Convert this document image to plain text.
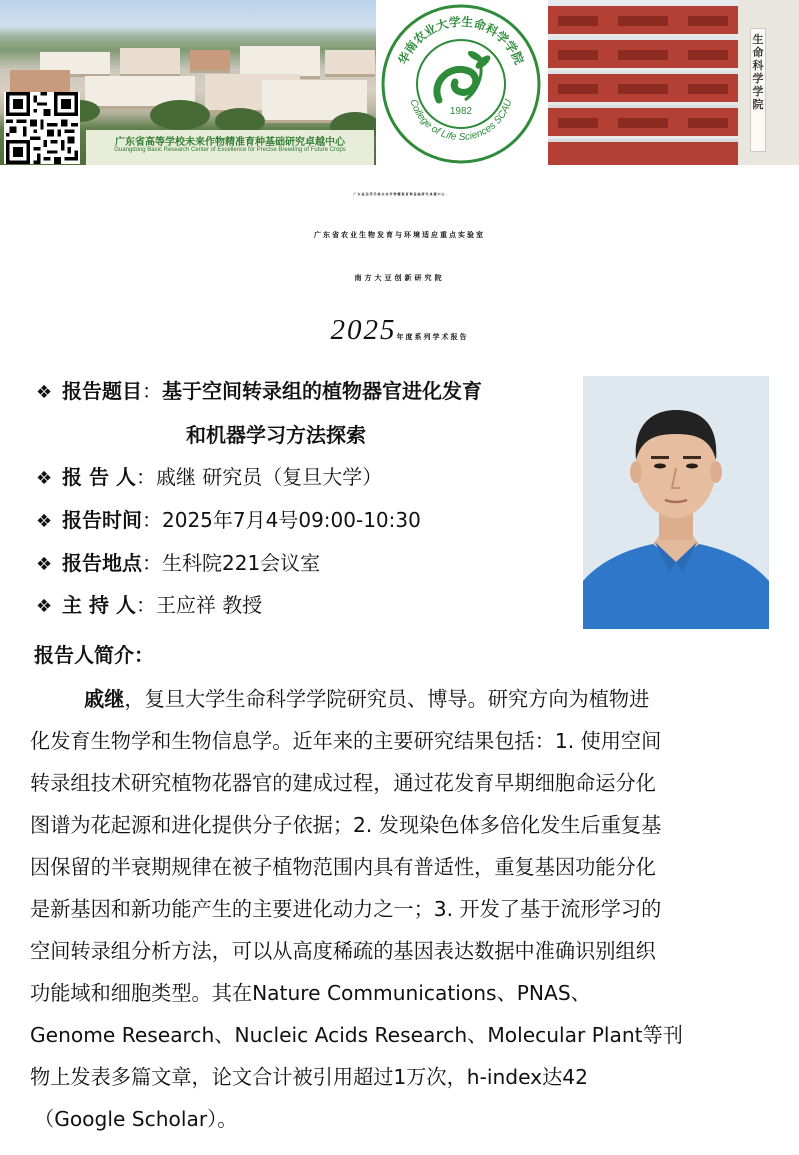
广东省高等学校未来作物精准育种基础研究卓越中心
Guangdong Basic Research Center of Excellence for Precise Breeding of Future Crops
华南农业大学生命科学学院
College of Life Sciences SCAU
1982
生
命
科
学
学
院
广东省高等学校未来作物精准育种基础研究卓越中心
广东省农业生物发育与环境适应重点实验室
南方大豆创新研究院
2025年度系列学术报告
❖ 报告题目：基于空间转录组的植物器官进化发育
和机器学习方法探索
❖ 报 告 人：戚继 研究员（复旦大学）
❖ 报告时间：2025年7月4号09:00-10:30
❖ 报告地点：生科院221会议室
❖ 主 持 人：王应祥 教授
报告人简介：
戚继，复旦大学生命科学学院研究员、博导。研究方向为植物进
化发育生物学和生物信息学。近年来的主要研究结果包括：1. 使用空间
转录组技术研究植物花器官的建成过程，通过花发育早期细胞命运分化
图谱为花起源和进化提供分子依据；2. 发现染色体多倍化发生后重复基
因保留的半衰期规律在被子植物范围内具有普适性，重复基因功能分化
是新基因和新功能产生的主要进化动力之一；3. 开发了基于流形学习的
空间转录组分析方法，可以从高度稀疏的基因表达数据中准确识别组织
功能域和细胞类型。其在Nature Communications、PNAS、
Genome Research、Nucleic Acids Research、Molecular Plant等刊
物上发表多篇文章，论文合计被引用超过1万次，h-index达42
（Google Scholar）。
